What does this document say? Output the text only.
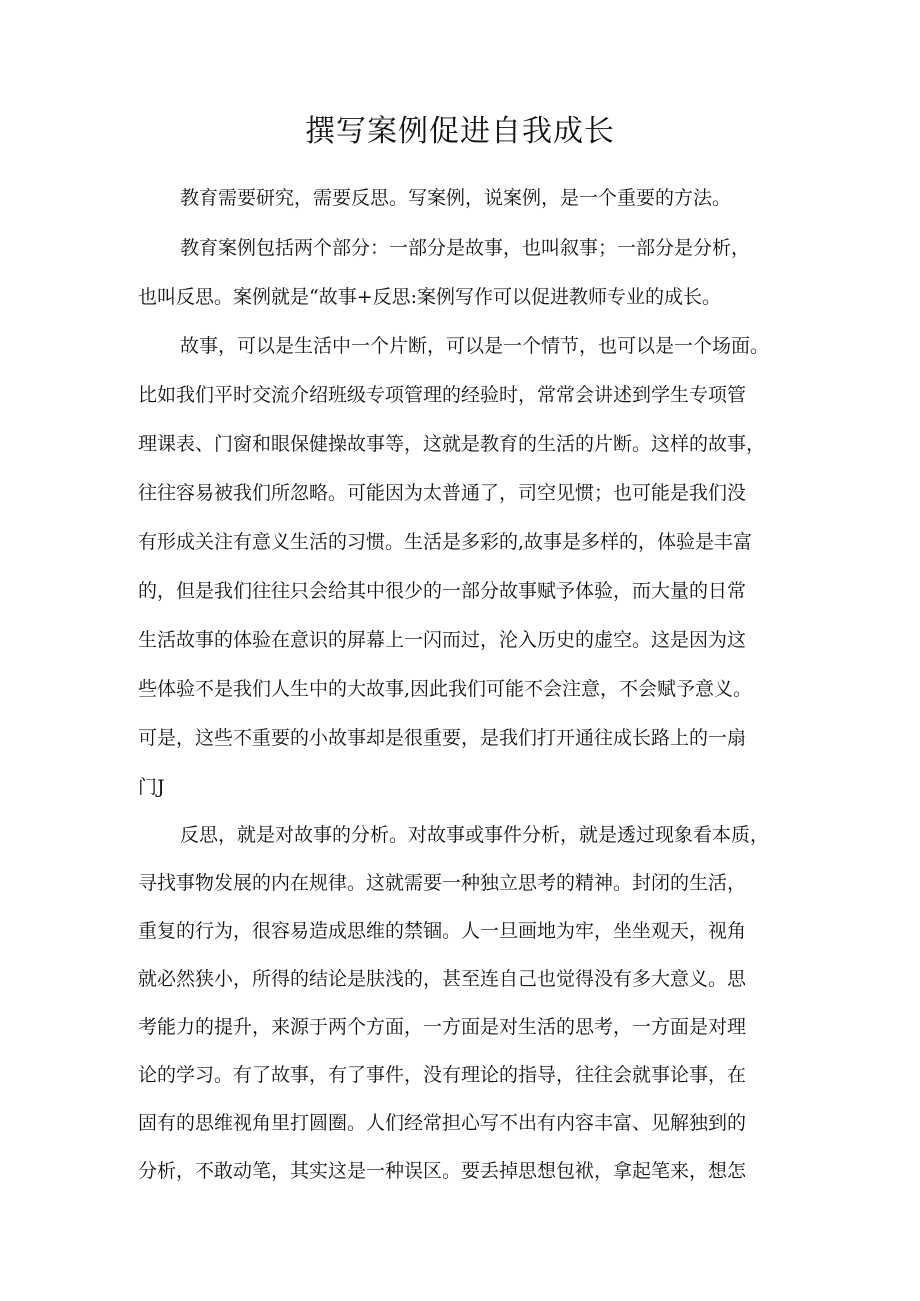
撰写案例促进自我成长
教育需要研究，需要反思。写案例，说案例，是一个重要的方法。
教育案例包括两个部分：一部分是故事，也叫叙事；一部分是分析，
也叫反思。案例就是“故事+反思:案例写作可以促进教师专业的成长。
故事，可以是生活中一个片断，可以是一个情节，也可以是一个场面。
比如我们平时交流介绍班级专项管理的经验时，常常会讲述到学生专项管
理课表、门窗和眼保健操故事等，这就是教育的生活的片断。这样的故事，
往往容易被我们所忽略。可能因为太普通了，司空见惯；也可能是我们没
有形成关注有意义生活的习惯。生活是多彩的,故事是多样的，体验是丰富
的，但是我们往往只会给其中很少的一部分故事赋予体验，而大量的日常
生活故事的体验在意识的屏幕上一闪而过，沦入历史的虚空。这是因为这
些体验不是我们人生中的大故事,因此我们可能不会注意，不会赋予意义。
可是，这些不重要的小故事却是很重要，是我们打开通往成长路上的一扇
门J
反思，就是对故事的分析。对故事或事件分析，就是透过现象看本质，
寻找事物发展的内在规律。这就需要一种独立思考的精神。封闭的生活，
重复的行为，很容易造成思维的禁锢。人一旦画地为牢，坐坐观天，视角
就必然狭小，所得的结论是肤浅的，甚至连自己也觉得没有多大意义。思
考能力的提升，来源于两个方面，一方面是对生活的思考，一方面是对理
论的学习。有了故事，有了事件，没有理论的指导，往往会就事论事，在
固有的思维视角里打圆圈。人们经常担心写不出有内容丰富、见解独到的
分析，不敢动笔，其实这是一种误区。要丢掉思想包袱，拿起笔来，想怎
